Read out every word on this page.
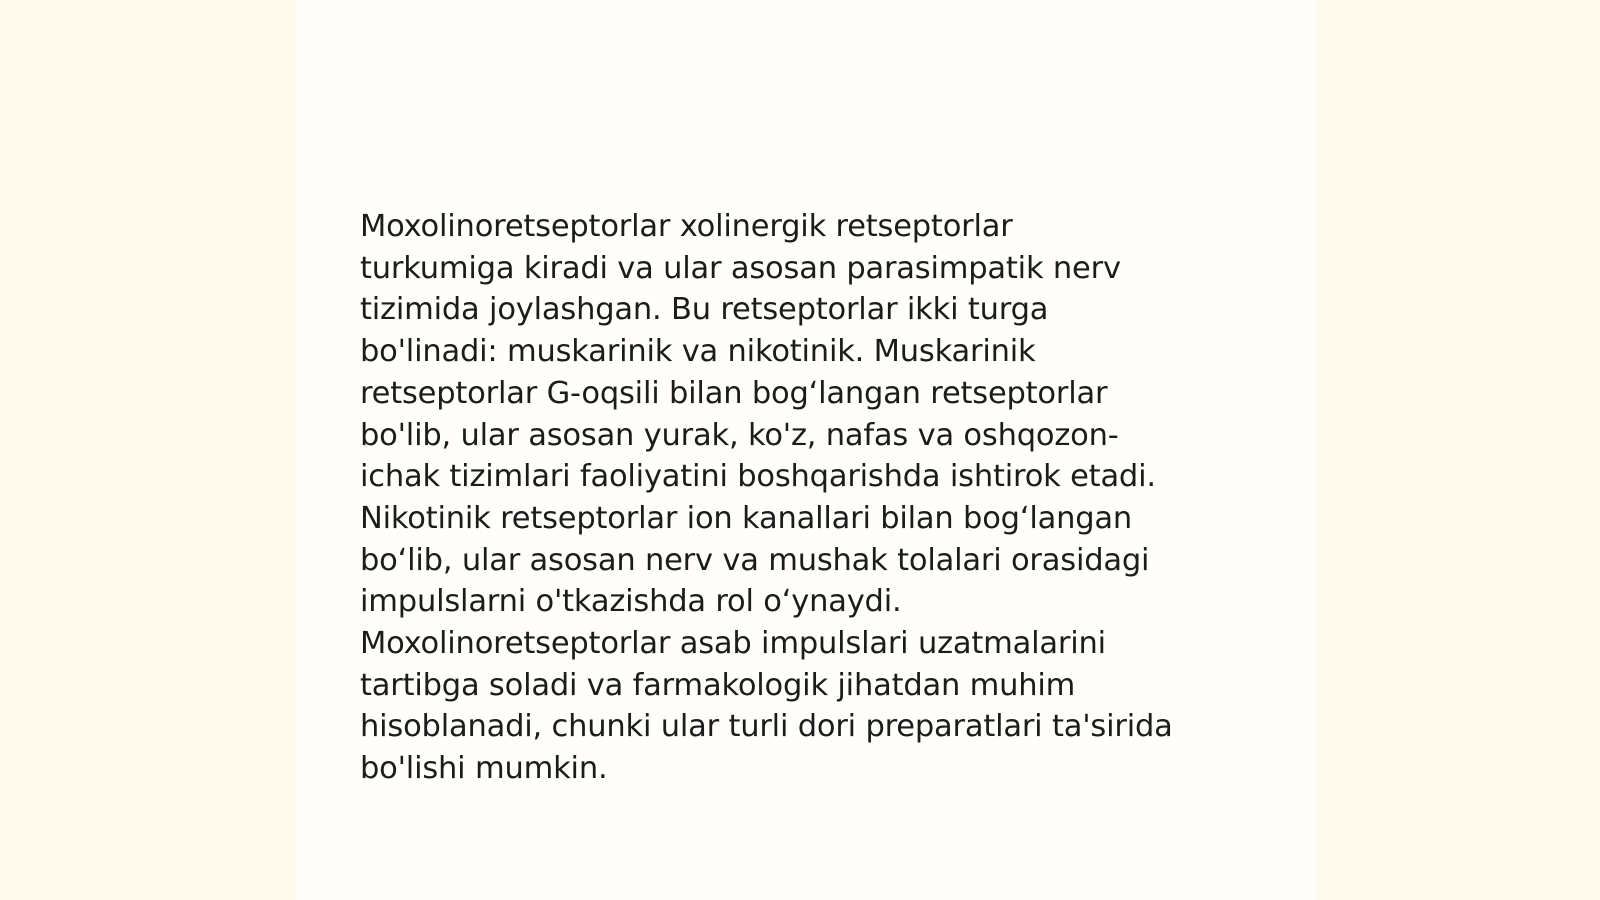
Moxolinoretseptorlar xolinergik retseptorlar
turkumiga kiradi va ular asosan parasimpatik nerv
tizimida joylashgan. Bu retseptorlar ikki turga
bo'linadi: muskarinik va nikotinik. Muskarinik
retseptorlar G-oqsili bilan bog‘langan retseptorlar
bo'lib, ular asosan yurak, ko'z, nafas va oshqozon-
ichak tizimlari faoliyatini boshqarishda ishtirok etadi.
Nikotinik retseptorlar ion kanallari bilan bog‘langan
bo‘lib, ular asosan nerv va mushak tolalari orasidagi
impulslarni o'tkazishda rol o‘ynaydi.
Moxolinoretseptorlar asab impulslari uzatmalarini
tartibga soladi va farmakologik jihatdan muhim
hisoblanadi, chunki ular turli dori preparatlari ta'sirida
bo'lishi mumkin.
